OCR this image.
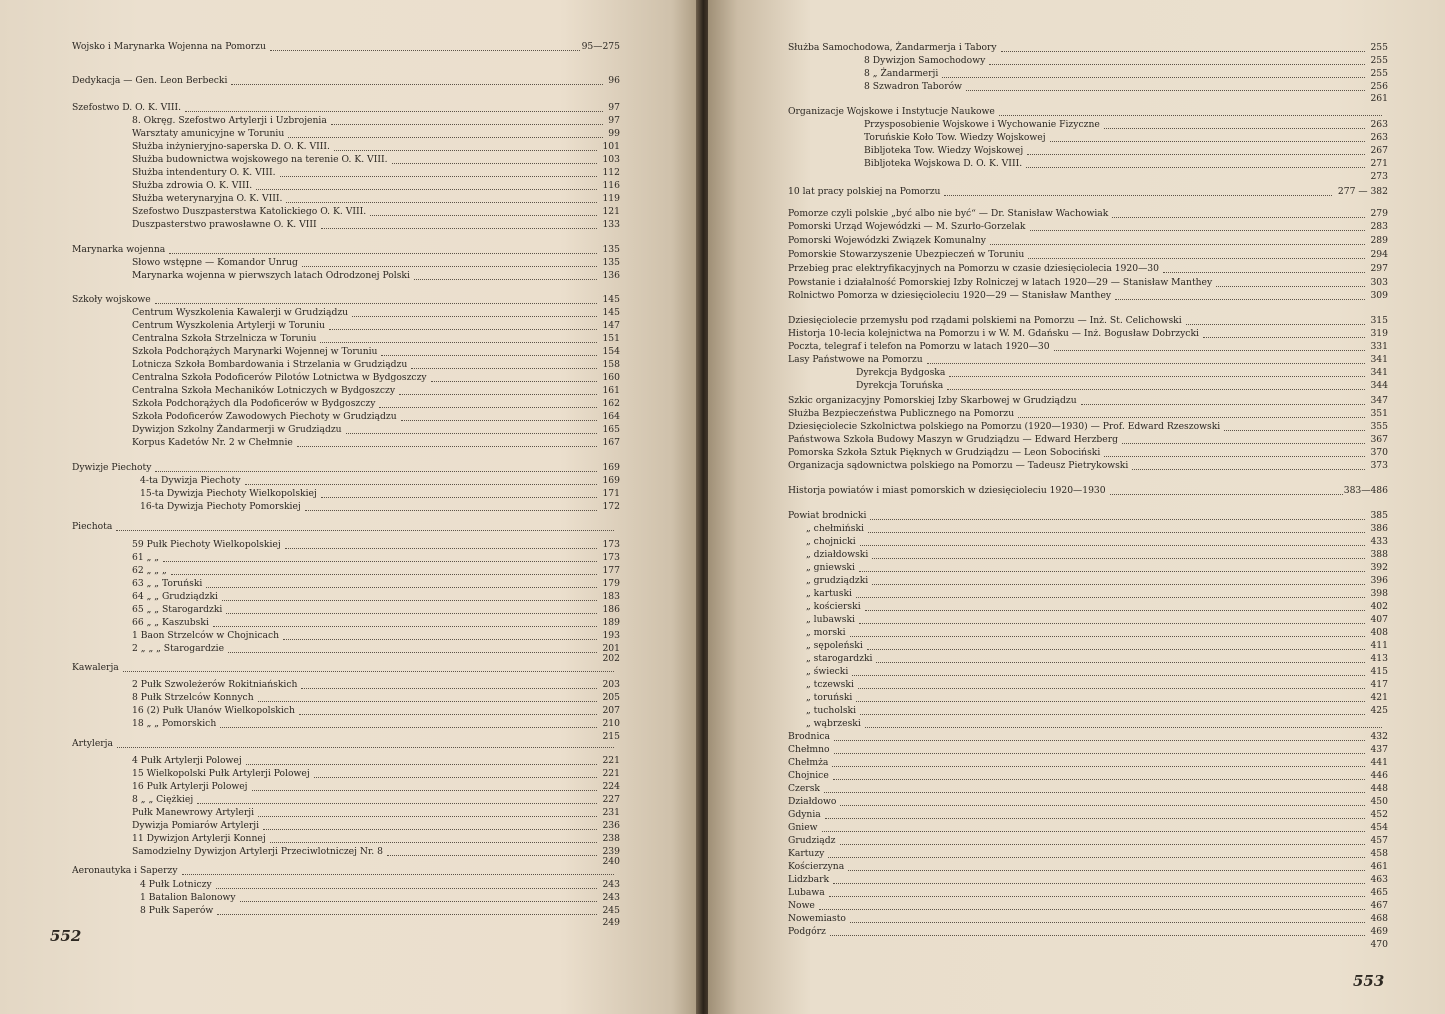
Wojsko i Marynarka Wojenna na Pomorzu	95—275
Dedykacja — Gen. Leon Berbecki	96
Szefostwo D. O. K. VIII.	97
8. Okręg. Szefostwo Artylerji i Uzbrojenia	97
Warsztaty amunicyjne w Toruniu	99
Służba inżynieryjno-saperska D. O. K. VIII.	101
Służba budownictwa wojskowego na terenie O. K. VIII.	103
Służba intendentury O. K. VIII.	112
Służba zdrowia O. K. VIII.	116
Służba weterynaryjna O. K. VIII.	119
Szefostwo Duszpasterstwa Katolickiego O. K. VIII.	121
Duszpasterstwo prawosławne O. K. VIII	133
Marynarka wojenna	135
Słowo wstępne — Komandor Unrug	135
Marynarka wojenna w pierwszych latach Odrodzonej Polski	136
Szkoły wojskowe	145
Centrum Wyszkolenia Kawalerji w Grudziądzu	145
Centrum Wyszkolenia Artylerji w Toruniu	147
Centralna Szkoła Strzelnicza w Toruniu	151
Szkoła Podchorążych Marynarki Wojennej w Toruniu	154
Lotnicza Szkoła Bombardowania i Strzelania w Grudziądzu	158
Centralna Szkoła Podoficerów Pilotów Lotnictwa w Bydgoszczy	160
Centralna Szkoła Mechaników Lotniczych w Bydgoszczy	161
Szkoła Podchorążych dla Podoficerów w Bydgoszczy	162
Szkoła Podoficerów Zawodowych Piechoty w Grudziądzu	164
Dywizjon Szkolny Żandarmerji w Grudziądzu	165
Korpus Kadetów Nr. 2 w Chełmnie	167
Dywizje Piechoty	169
4-ta Dywizja Piechoty	169
15-ta Dywizja Piechoty Wielkopolskiej	171
16-ta Dywizja Piechoty Pomorskiej	172
Piechota
59 Pułk Piechoty Wielkopolskiej	173
61 „ „	173
62 „ „ „	177
63 „ „ Toruński	179
64 „ „ Grudziądzki	183
65 „ „ Starogardzki	186
66 „ „ Kaszubski	189
1 Baon Strzelców w Chojnicach	193
2 „ „ „ Starogardzie	201
202
Kawalerja
2 Pułk Szwoleżerów Rokitniańskich	203
8 Pułk Strzelców Konnych	205
16 (2) Pułk Ułanów Wielkopolskich	207
18 „ „ Pomorskich	210
215
Artylerja
4 Pułk Artylerji Polowej	221
15 Wielkopolski Pułk Artylerji Polowej	221
16 Pułk Artylerji Polowej	224
8 „ „ Ciężkiej	227
Pułk Manewrowy Artylerji	231
Dywizja Pomiarów Artylerji	236
11 Dywizjon Artylerji Konnej	238
Samodzielny Dywizjon Artylerji Przeciwlotniczej Nr. 8	239
240
Aeronautyka i Saperzy
4 Pułk Lotniczy	243
1 Batalion Balonowy	243
8 Pułk Saperów	245
249
552
Służba Samochodowa, Żandarmerja i Tabory	255
8 Dywizjon Samochodowy	255
8 „ Żandarmerji	255
8 Szwadron Taborów	256
261
Organizacje Wojskowe i Instytucje Naukowe
Przysposobienie Wojskowe i Wychowanie Fizyczne	263
Toruńskie Koło Tow. Wiedzy Wojskowej	263
Bibljoteka Tow. Wiedzy Wojskowej	267
Bibljoteka Wojskowa D. O. K. VIII.	271
273
10 lat pracy polskiej na Pomorzu	277 — 382
Pomorze czyli polskie „być albo nie być“ — Dr. Stanisław Wachowiak	279
Pomorski Urząd Wojewódzki — M. Szurło-Gorzelak	283
Pomorski Wojewódzki Związek Komunalny	289
Pomorskie Stowarzyszenie Ubezpieczeń w Toruniu	294
Przebieg prac elektryfikacyjnych na Pomorzu w czasie dziesięciolecia 1920—30	297
Powstanie i działalność Pomorskiej Izby Rolniczej w latach 1920—29 — Stanisław Manthey	303
Rolnictwo Pomorza w dziesięcioleciu 1920—29 — Stanisław Manthey	309
Dziesięciolecie przemysłu pod rządami polskiemi na Pomorzu — Inż. St. Celichowski	315
Historja 10-lecia kolejnictwa na Pomorzu i w W. M. Gdańsku — Inż. Bogusław Dobrzycki	319
Poczta, telegraf i telefon na Pomorzu w latach 1920—30	331
Lasy Państwowe na Pomorzu	341
Dyrekcja Bydgoska	341
Dyrekcja Toruńska	344
Szkic organizacyjny Pomorskiej Izby Skarbowej w Grudziądzu	347
Służba Bezpieczeństwa Publicznego na Pomorzu	351
Dziesięciolecie Szkolnictwa polskiego na Pomorzu (1920—1930) — Prof. Edward Rzeszowski	355
Państwowa Szkoła Budowy Maszyn w Grudziądzu — Edward Herzberg	367
Pomorska Szkoła Sztuk Pięknych w Grudziądzu — Leon Sobociński	370
Organizacja sądownictwa polskiego na Pomorzu — Tadeusz Pietrykowski	373
Historja powiatów i miast pomorskich w dziesięcioleciu 1920—1930	383—486
Powiat brodnicki	385
„ chełmiński	386
„ chojnicki	433
„ działdowski	388
„ gniewski	392
„ grudziądzki	396
„ kartuski	398
„ kościerski	402
„ lubawski	407
„ morski	408
„ sępoleński	411
„ starogardzki	413
„ świecki	415
„ tczewski	417
„ toruński	421
„ tucholski	425
„ wąbrzeski
Brodnica	432
Chełmno	437
Chełmża	441
Chojnice	446
Czersk	448
Działdowo	450
Gdynia	452
Gniew	454
Grudziądz	457
Kartuzy	458
Kościerzyna	461
Lidzbark	463
Lubawa	465
Nowe	467
Nowemiasto	468
Podgórz	469
470
553
